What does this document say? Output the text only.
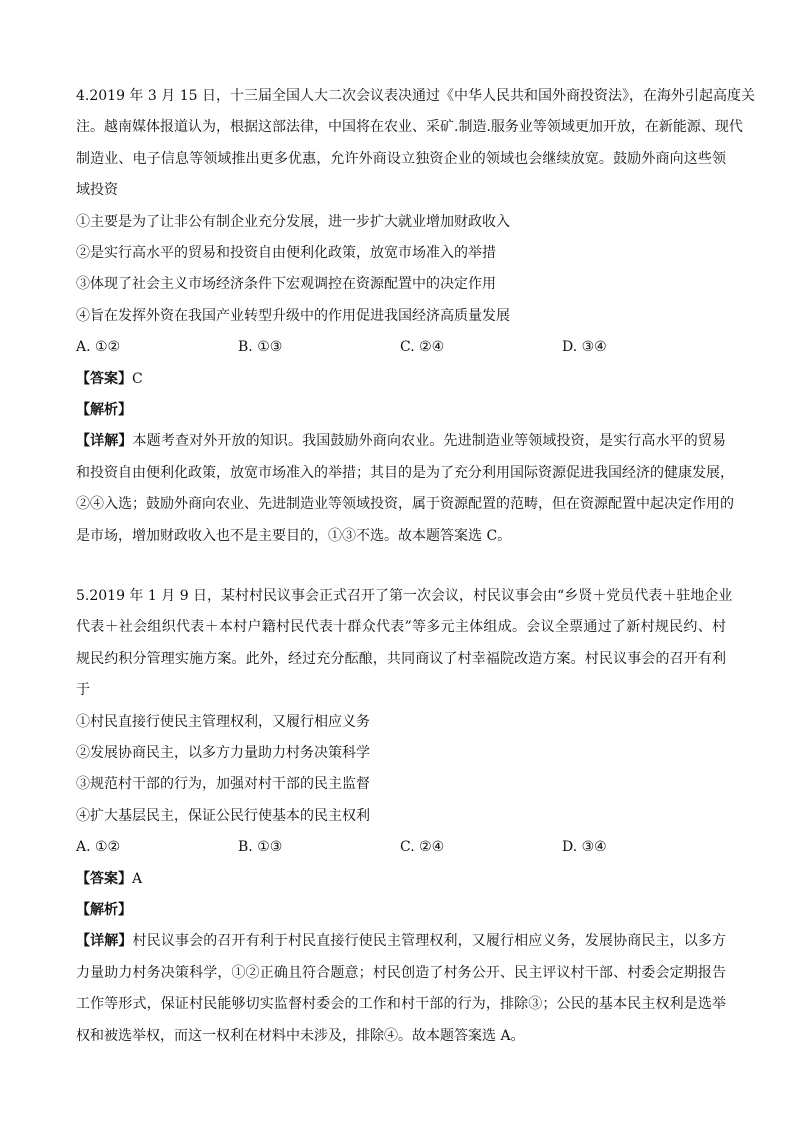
4.2019 年 3 月 15 日，十三届全国人大二次会议表决通过《中华人民共和国外商投资法》，在海外引起高度关
注。越南媒体报道认为，根据这部法律，中国将在农业、采矿.制造.服务业等领域更加开放，在新能源、现代
制造业、电子信息等领域推出更多优惠，允许外商设立独资企业的领域也会继续放宽。鼓励外商向这些领
域投资
①主要是为了让非公有制企业充分发展，进一步扩大就业增加财政收入
②是实行高水平的贸易和投资自由便利化政策，放宽市场准入的举措
③体现了社会主义市场经济条件下宏观调控在资源配置中的决定作用
④旨在发挥外资在我国产业转型升级中的作用促进我国经济高质量发展
A. ①②	B. ①③	C. ②④	D. ③④
【答案】C
【解析】
【详解】本题考查对外开放的知识。我国鼓励外商向农业。先进制造业等领域投资，是实行高水平的贸易
和投资自由便利化政策，放宽市场准入的举措；其目的是为了充分利用国际资源促进我国经济的健康发展，
②④入选；鼓励外商向农业、先进制造业等领域投资，属于资源配置的范畴，但在资源配置中起决定作用的
是市场，增加财政收入也不是主要目的，①③不选。故本题答案选 C。
5.2019 年 1 月 9 日，某村村民议事会正式召开了第一次会议，村民议事会由“乡贤＋党员代表＋驻地企业
代表＋社会组织代表＋本村户籍村民代表十群众代表”等多元主体组成。会议全票通过了新村规民约、村
规民约积分管理实施方案。此外，经过充分酝酿，共同商议了村幸福院改造方案。村民议事会的召开有利
于
①村民直接行使民主管理权利，又履行相应义务
②发展协商民主，以多方力量助力村务决策科学
③规范村干部的行为，加强对村干部的民主监督
④扩大基层民主，保证公民行使基本的民主权利
A. ①②	B. ①③	C. ②④	D. ③④
【答案】A
【解析】
【详解】村民议事会的召开有利于村民直接行使民主管理权利，又履行相应义务，发展协商民主，以多方
力量助力村务决策科学，①②正确且符合题意；村民创造了村务公开、民主评议村干部、村委会定期报告
工作等形式，保证村民能够切实监督村委会的工作和村干部的行为，排除③；公民的基本民主权利是选举
权和被选举权，而这一权利在材料中未涉及，排除④。故本题答案选 A。
